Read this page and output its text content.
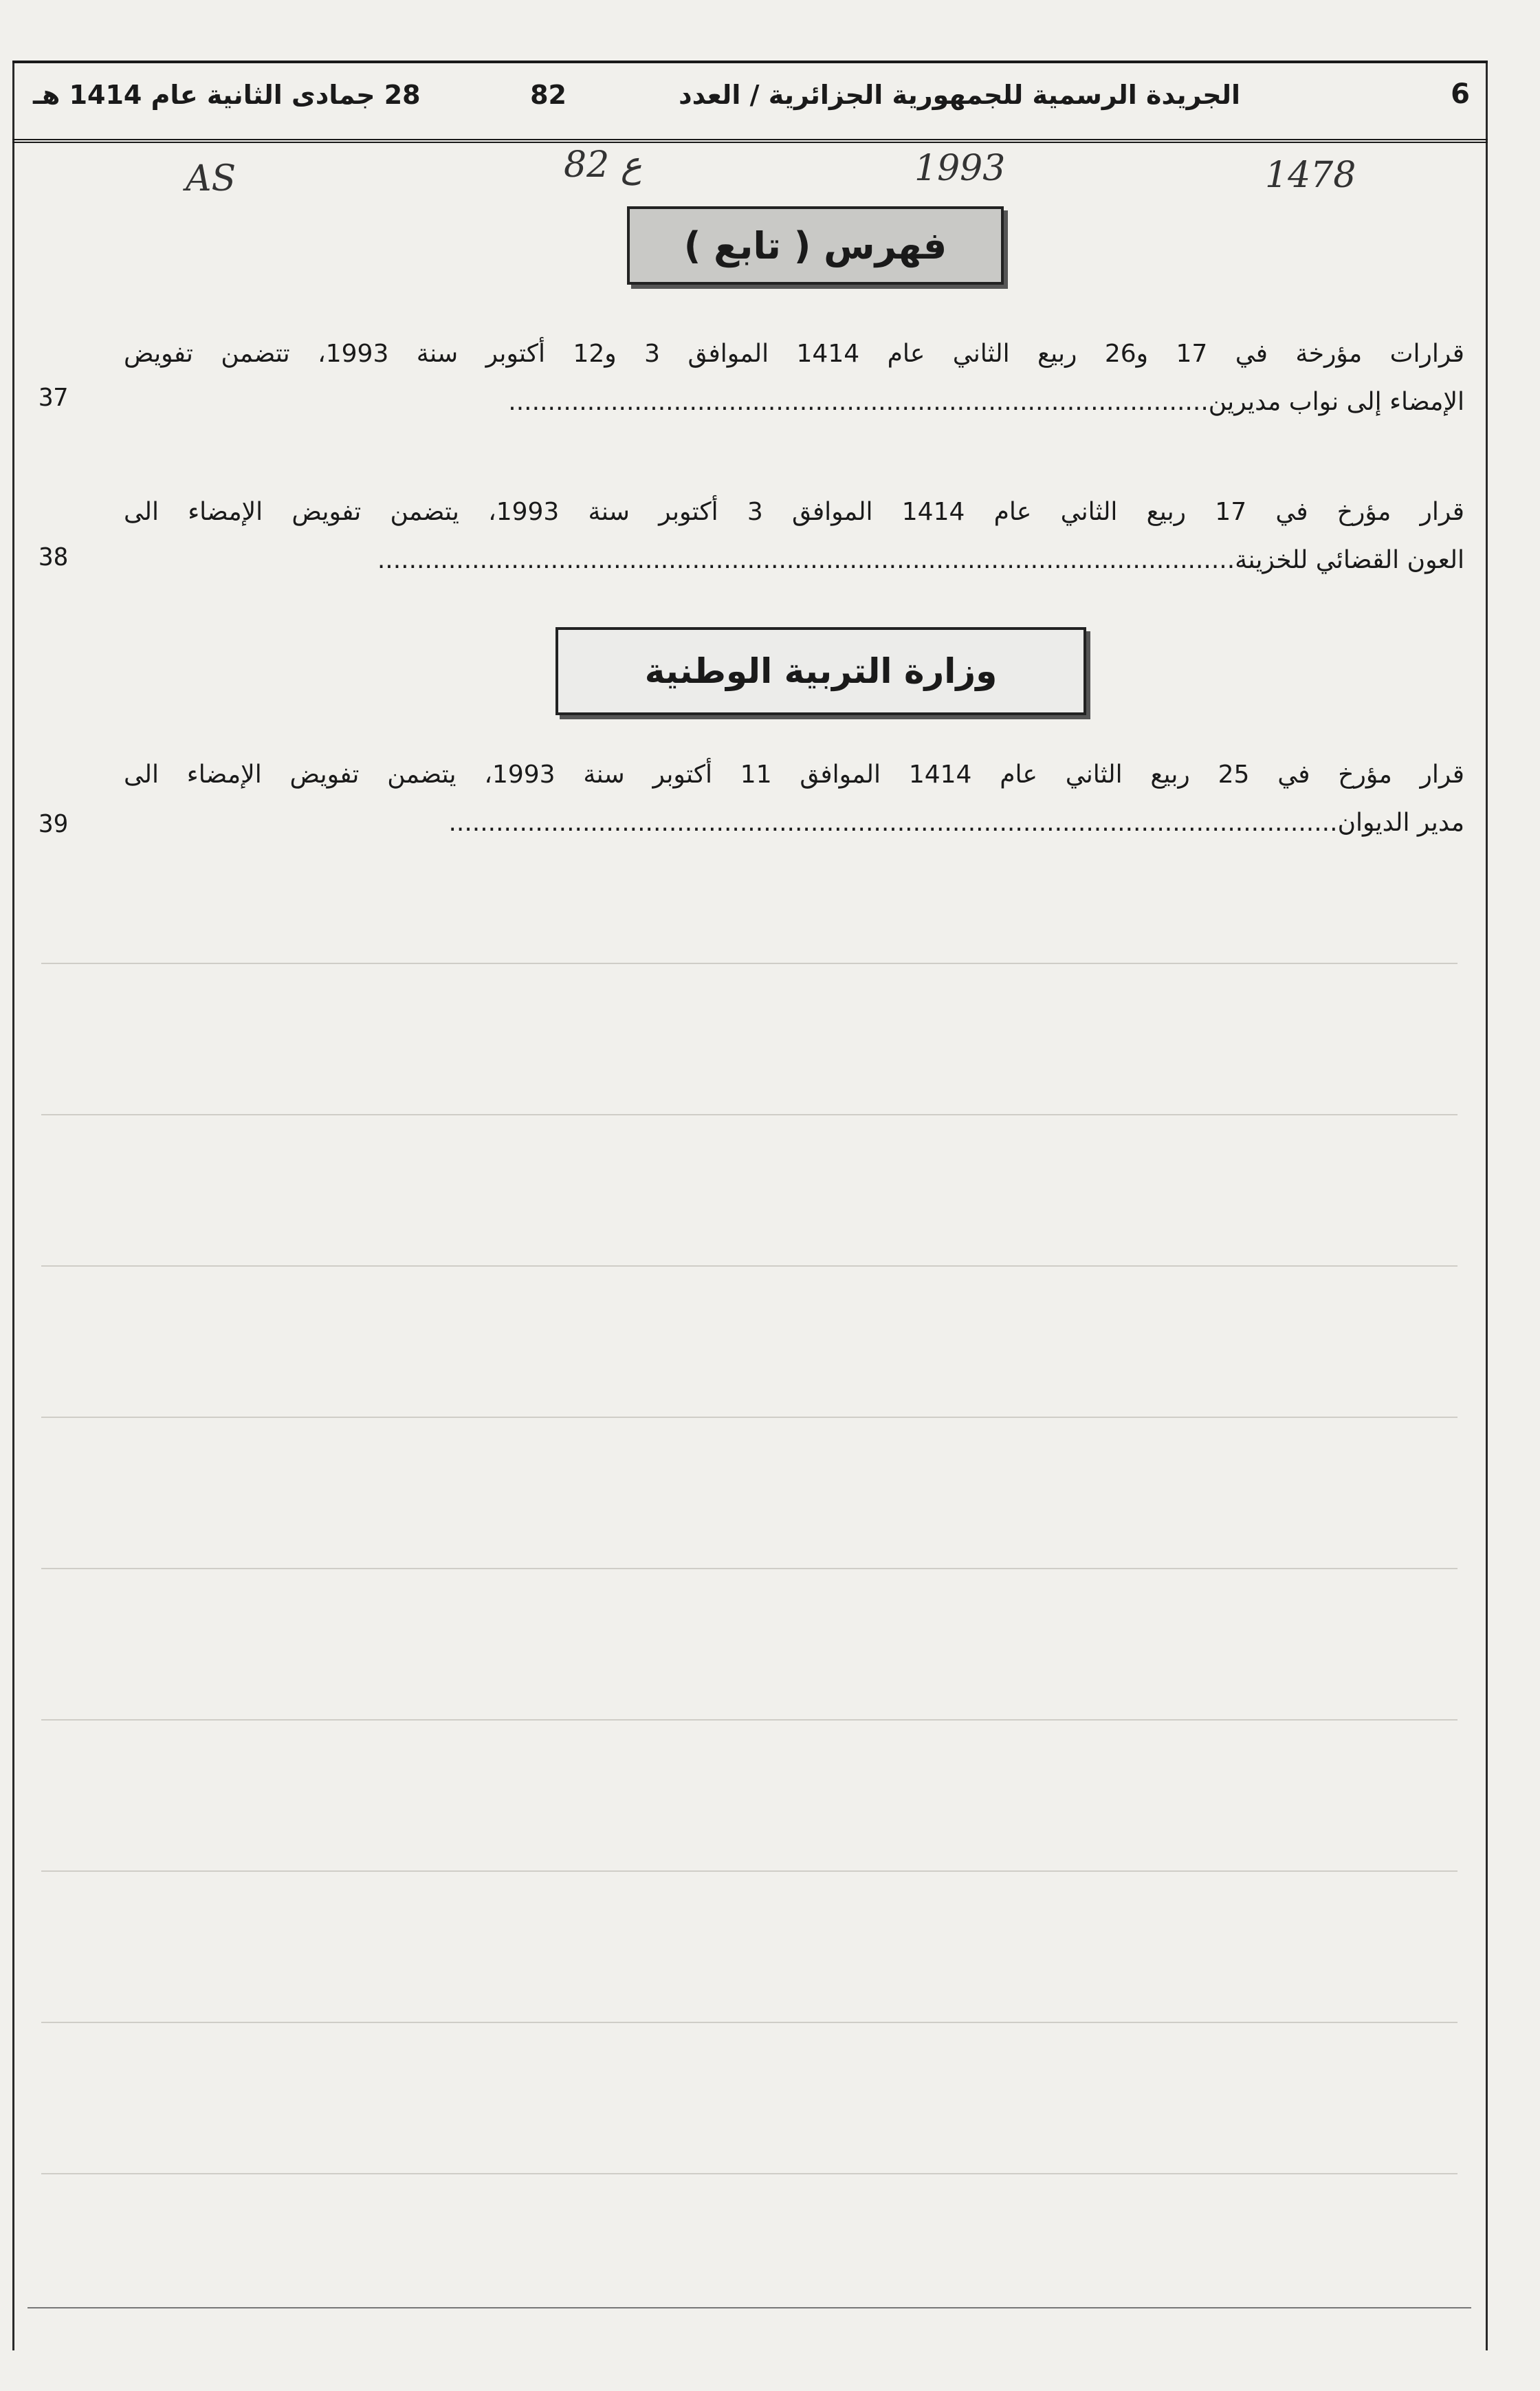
6
الجريدة الرسمية للجمهورية الجزائرية / العدد
82
28 جمادى الثانية عام 1414 هـ
AS	82 ع	1993	1478
فهرس ( تابع )
قرارات مؤرخة في 17 و26 ربيع الثاني عام 1414 الموافق 3 و12 أكتوبر سنة 1993، تتضمن تفويض
الإمضاء إلى نواب مديرين.........................................................................................
37
قرار مؤرخ في 17 ربيع الثاني عام 1414 الموافق 3 أكتوبر سنة 1993، يتضمن تفويض الإمضاء الى
العون القضائي للخزينة.............................................................................................................
38
وزارة التربية الوطنية
قرار مؤرخ في 25 ربيع الثاني عام 1414 الموافق 11 أكتوبر سنة 1993، يتضمن تفويض الإمضاء الى
مدير الديوان.................................................................................................................
39
